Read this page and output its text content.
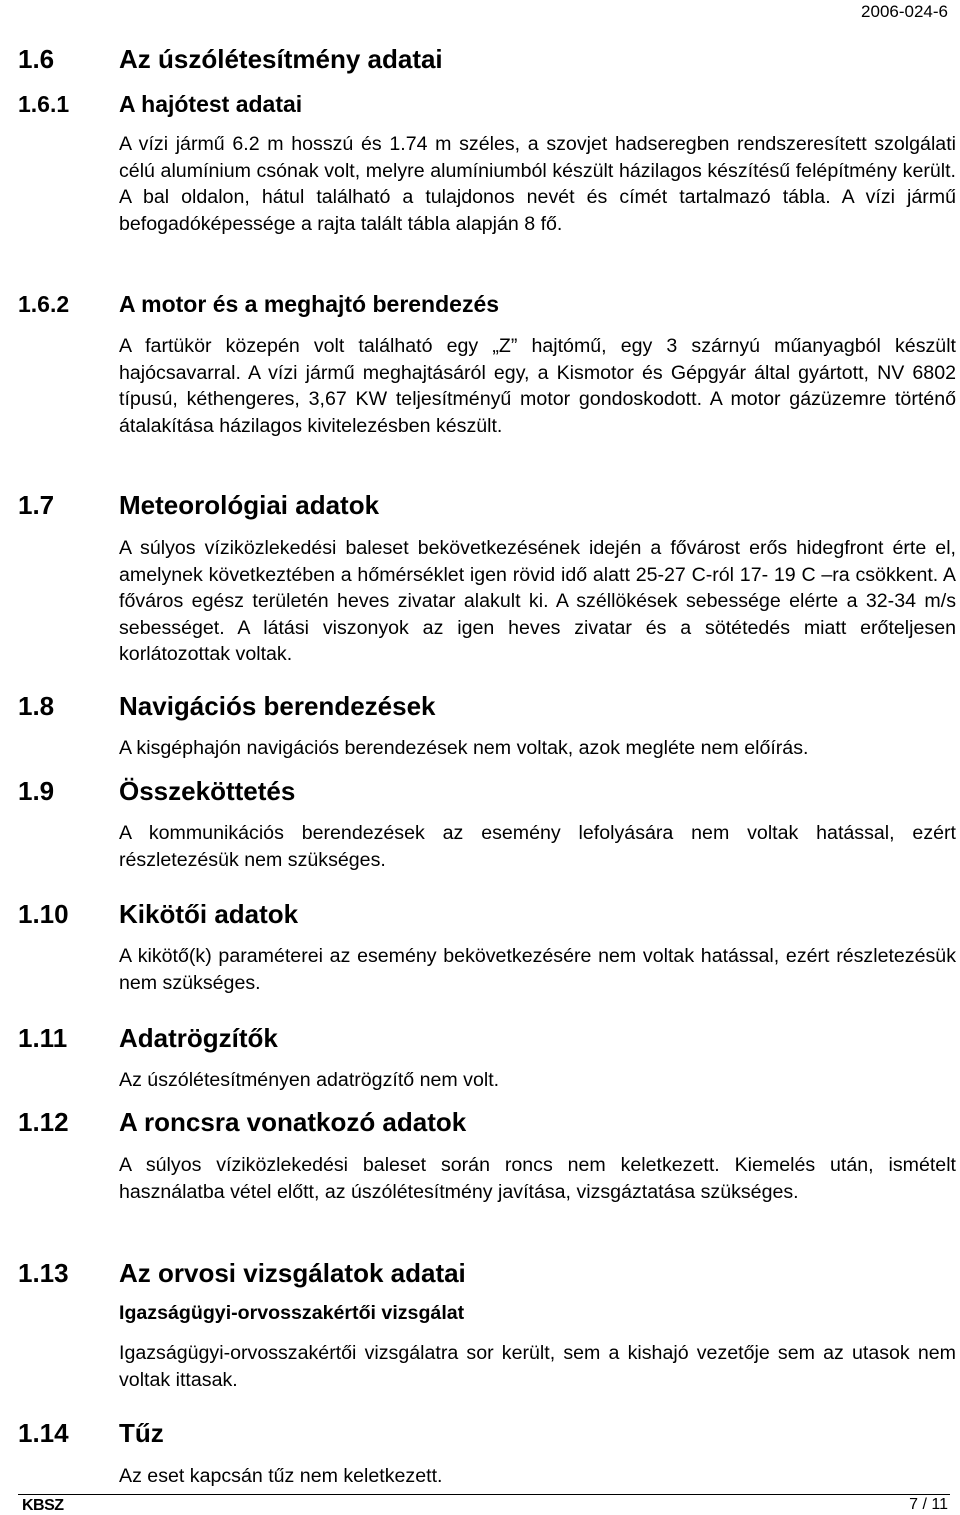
2006-024-6
1.6 Az úszólétesítmény adatai
1.6.1 A hajótest adatai
A vízi jármű 6.2 m hosszú és 1.74 m széles, a szovjet hadseregben rendszeresített szolgálati célú alumínium csónak volt, melyre alumíniumból készült házilagos készítésű felépítmény került. A bal oldalon, hátul található a tulajdonos nevét és címét tartalmazó tábla. A vízi jármű befogadóképessége a rajta talált tábla alapján 8 fő.
1.6.2 A motor és a meghajtó berendezés
A fartükör közepén volt található egy „Z” hajtómű, egy 3 szárnyú műanyagból készült hajócsavarral. A vízi jármű meghajtásáról egy, a Kismotor és Gépgyár által gyártott, NV 6802 típusú, kéthengeres, 3,67 KW teljesítményű motor gondoskodott. A motor gázüzemre történő átalakítása házilagos kivitelezésben készült.
1.7 Meteorológiai adatok
A súlyos víziközlekedési baleset bekövetkezésének idején a fővárost erős hidegfront érte el, amelynek következtében a hőmérséklet igen rövid idő alatt 25-27 C-ról 17- 19 C –ra csökkent. A főváros egész területén heves zivatar alakult ki. A széllökések sebessége elérte a 32-34 m/s sebességet. A látási viszonyok az igen heves zivatar és a sötétedés miatt erőteljesen korlátozottak voltak.
1.8 Navigációs berendezések
A kisgéphajón navigációs berendezések nem voltak, azok megléte nem előírás.
1.9 Összeköttetés
A kommunikációs berendezések az esemény lefolyására nem voltak hatással, ezért részletezésük nem szükséges.
1.10 Kikötői adatok
A kikötő(k) paraméterei az esemény bekövetkezésére nem voltak hatással, ezért részletezésük nem szükséges.
1.11 Adatrögzítők
Az úszólétesítményen adatrögzítő nem volt.
1.12 A roncsra vonatkozó adatok
A súlyos víziközlekedési baleset során roncs nem keletkezett. Kiemelés után, ismételt használatba vétel előtt, az úszólétesítmény javítása, vizsgáztatása szükséges.
1.13 Az orvosi vizsgálatok adatai
Igazságügyi-orvosszakértői vizsgálat
Igazságügyi-orvosszakértői vizsgálatra sor került, sem a kishajó vezetője sem az utasok nem voltak ittasak.
1.14 Tűz
Az eset kapcsán tűz nem keletkezett.
KBSZ	7 / 11
